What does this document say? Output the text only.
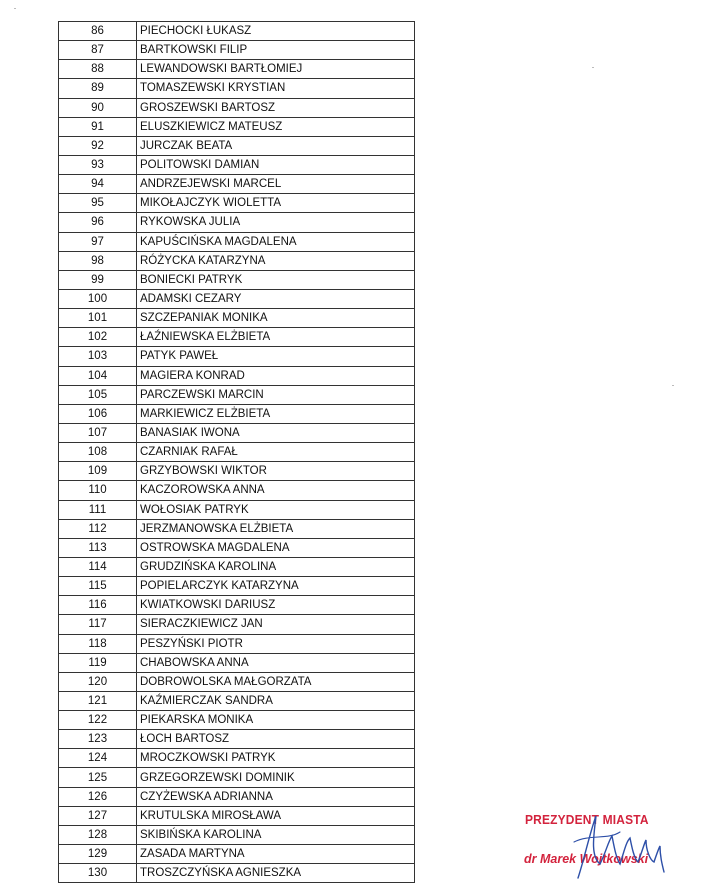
86	PIECHOCKI ŁUKASZ
87	BARTKOWSKI FILIP
88	LEWANDOWSKI BARTŁOMIEJ
89	TOMASZEWSKI KRYSTIAN
90	GROSZEWSKI BARTOSZ
91	ELUSZKIEWICZ MATEUSZ
92	JURCZAK BEATA
93	POLITOWSKI DAMIAN
94	ANDRZEJEWSKI MARCEL
95	MIKOŁAJCZYK WIOLETTA
96	RYKOWSKA JULIA
97	KAPUŚCIŃSKA MAGDALENA
98	RÓŻYCKA KATARZYNA
99	BONIECKI PATRYK
100	ADAMSKI CEZARY
101	SZCZEPANIAK MONIKA
102	ŁAŹNIEWSKA ELŻBIETA
103	PATYK PAWEŁ
104	MAGIERA KONRAD
105	PARCZEWSKI MARCIN
106	MARKIEWICZ ELŻBIETA
107	BANASIAK IWONA
108	CZARNIAK RAFAŁ
109	GRZYBOWSKI WIKTOR
110	KACZOROWSKA ANNA
111	WOŁOSIAK PATRYK
112	JERZMANOWSKA ELŻBIETA
113	OSTROWSKA MAGDALENA
114	GRUDZIŃSKA KAROLINA
115	POPIELARCZYK KATARZYNA
116	KWIATKOWSKI DARIUSZ
117	SIERACZKIEWICZ JAN
118	PESZYŃSKI PIOTR
119	CHABOWSKA ANNA
120	DOBROWOLSKA MAŁGORZATA
121	KAŹMIERCZAK SANDRA
122	PIEKARSKA MONIKA
123	ŁOCH BARTOSZ
124	MROCZKOWSKI PATRYK
125	GRZEGORZEWSKI DOMINIK
126	CZYŻEWSKA ADRIANNA
127	KRUTULSKA MIROSŁAWA
128	SKIBIŃSKA KAROLINA
129	ZASADA MARTYNA
130	TROSZCZYŃSKA AGNIESZKA
PREZYDENT MIASTA
dr Marek Wojtkowski
